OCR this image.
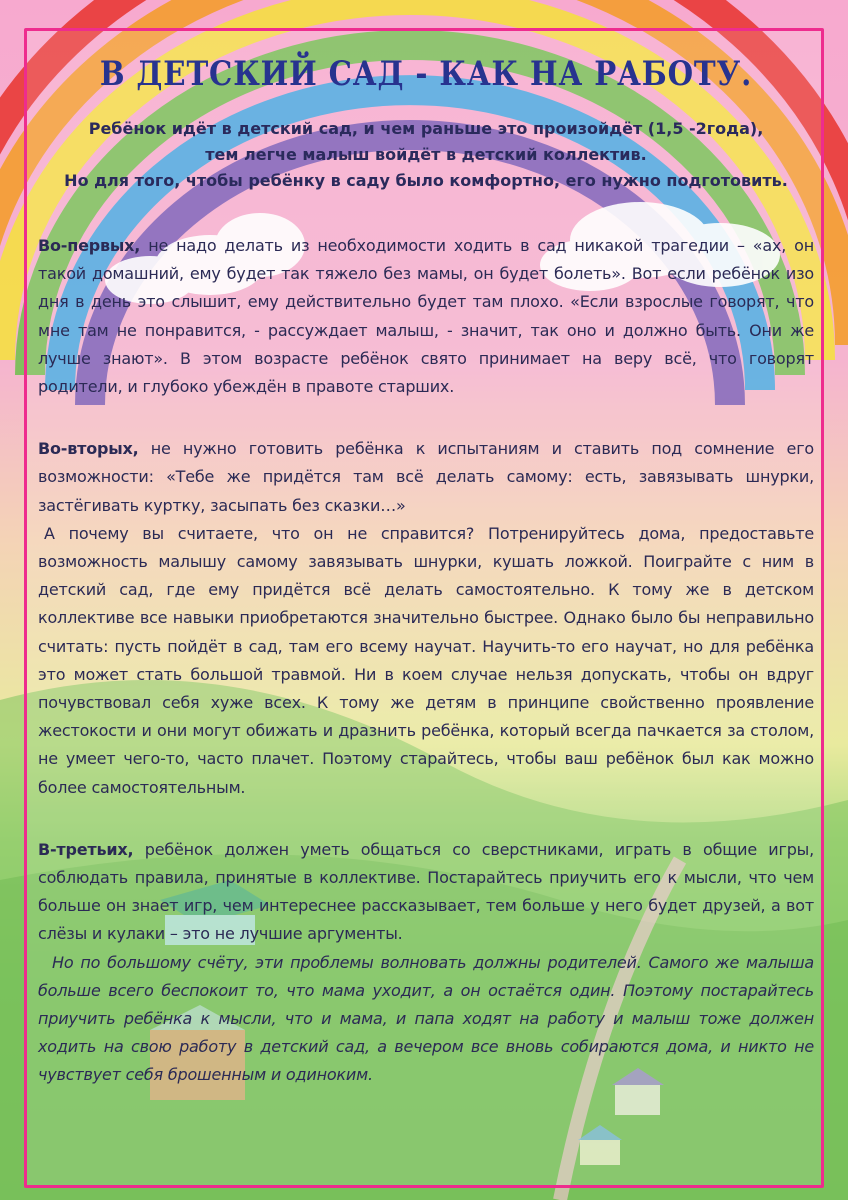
В ДЕТСКИЙ САД - КАК НА РАБОТУ.

Ребёнок идёт в детский сад, и чем раньше это произойдёт (1,5 -2года),
тем легче малыш войдёт в детский коллектив.
Но для того, чтобы ребёнку в саду было комфортно, его нужно подготовить.

Во-первых, не надо делать из необходимости ходить в сад никакой трагедии – «ах, он такой домашний, ему будет так тяжело без мамы, он будет болеть». Вот если ребёнок изо дня в день это слышит, ему действительно будет там плохо. «Если взрослые говорят, что мне там не понравится, - рассуждает малыш, - значит, так оно и должно быть. Они же лучше знают». В этом возрасте ребёнок свято принимает на веру всё, что говорят родители, и глубоко убеждён в правоте старших.

Во-вторых, не нужно готовить ребёнка к испытаниям и ставить под сомнение его возможности: «Тебе же придётся там всё делать самому: есть, завязывать шнурки, застёгивать куртку, засыпать без сказки…»

А почему вы считаете, что он не справится? Потренируйтесь дома, предоставьте возможность малышу самому завязывать шнурки, кушать ложкой. Поиграйте с ним в детский сад, где ему придётся всё делать самостоятельно. К тому же в детском коллективе все навыки приобретаются значительно быстрее. Однако было бы неправильно считать: пусть пойдёт в сад, там его всему научат. Научить-то его научат, но для ребёнка это может стать большой травмой. Ни в коем случае нельзя допускать, чтобы он вдруг почувствовал себя хуже всех. К тому же детям в принципе свойственно проявление жестокости и они могут обижать и дразнить ребёнка, который всегда пачкается за столом, не умеет чего-то, часто плачет. Поэтому старайтесь, чтобы ваш ребёнок был как можно более самостоятельным.

В-третьих, ребёнок должен уметь общаться со сверстниками, играть в общие игры, соблюдать правила, принятые в коллективе. Постарайтесь приучить его к мысли, что чем больше он знает игр, чем интереснее рассказывает, тем больше у него будет друзей, а вот слёзы и кулаки – это не лучшие аргументы.

Но по большому счёту, эти проблемы волновать должны родителей. Самого же малыша больше всего беспокоит то, что мама уходит, а он остаётся один. Поэтому постарайтесь приучить ребёнка к мысли, что и мама, и папа ходят на работу и малыш тоже должен ходить на свою работу в детский сад, а вечером все вновь собираются дома, и никто не чувствует себя брошенным и одиноким.
